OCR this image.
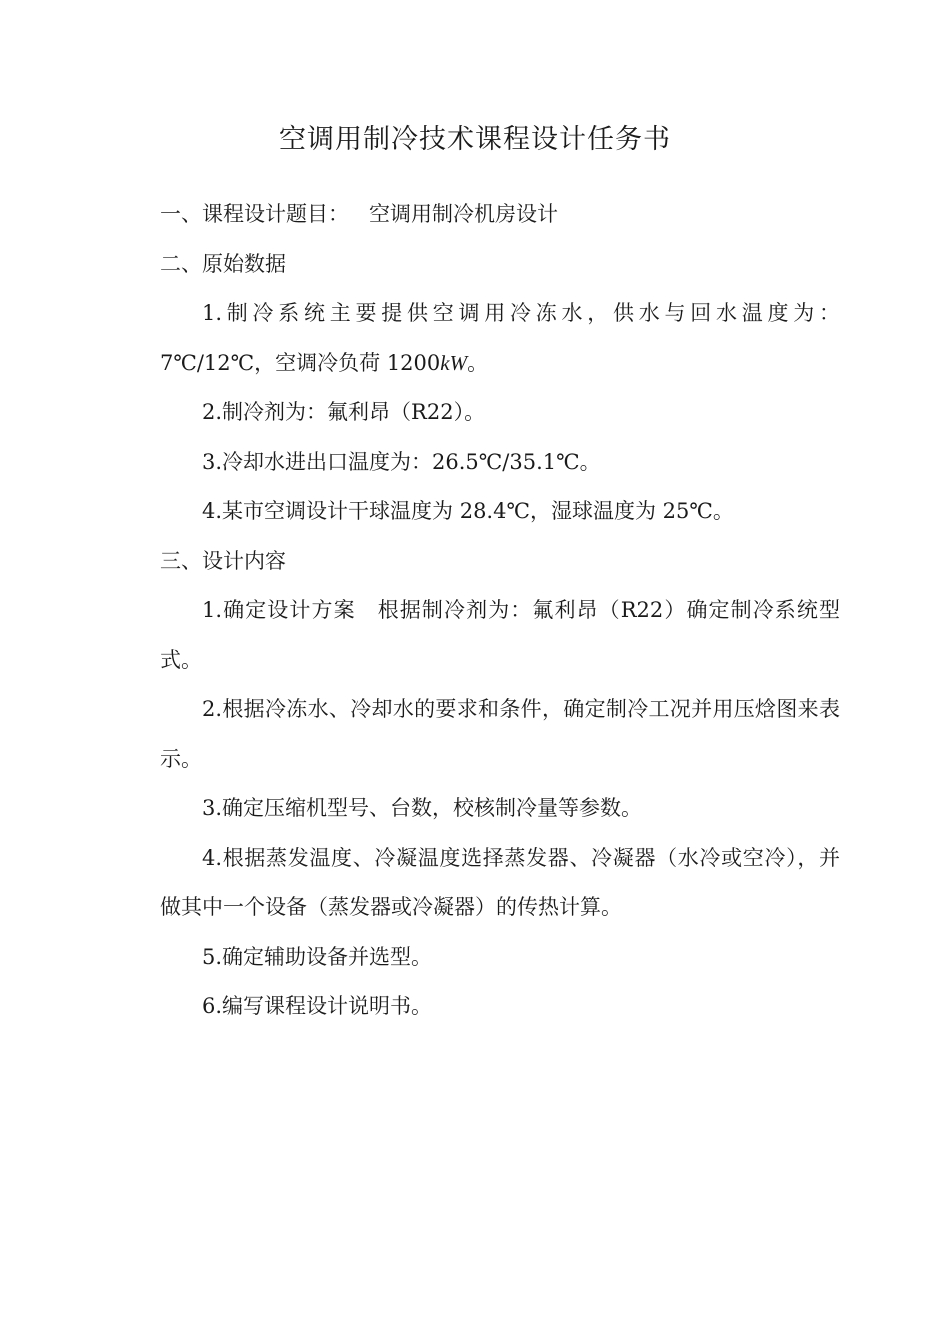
空调用制冷技术课程设计任务书

一、课程设计题目： 空调用制冷机房设计

二、原始数据

1.制冷系统主要提供空调用冷冻水，供水与回水温度为：7℃/12℃，空调冷负荷 1200kW。

2.制冷剂为：氟利昂（R22）。

3.冷却水进出口温度为：26.5℃/35.1℃。

4.某市空调设计干球温度为 28.4℃，湿球温度为 25℃。

三、设计内容

1.确定设计方案　根据制冷剂为：氟利昂（R22）确定制冷系统型式。

2.根据冷冻水、冷却水的要求和条件，确定制冷工况并用压焓图来表示。

3.确定压缩机型号、台数，校核制冷量等参数。

4.根据蒸发温度、冷凝温度选择蒸发器、冷凝器（水冷或空冷），并做其中一个设备（蒸发器或冷凝器）的传热计算。

5.确定辅助设备并选型。

6.编写课程设计说明书。
